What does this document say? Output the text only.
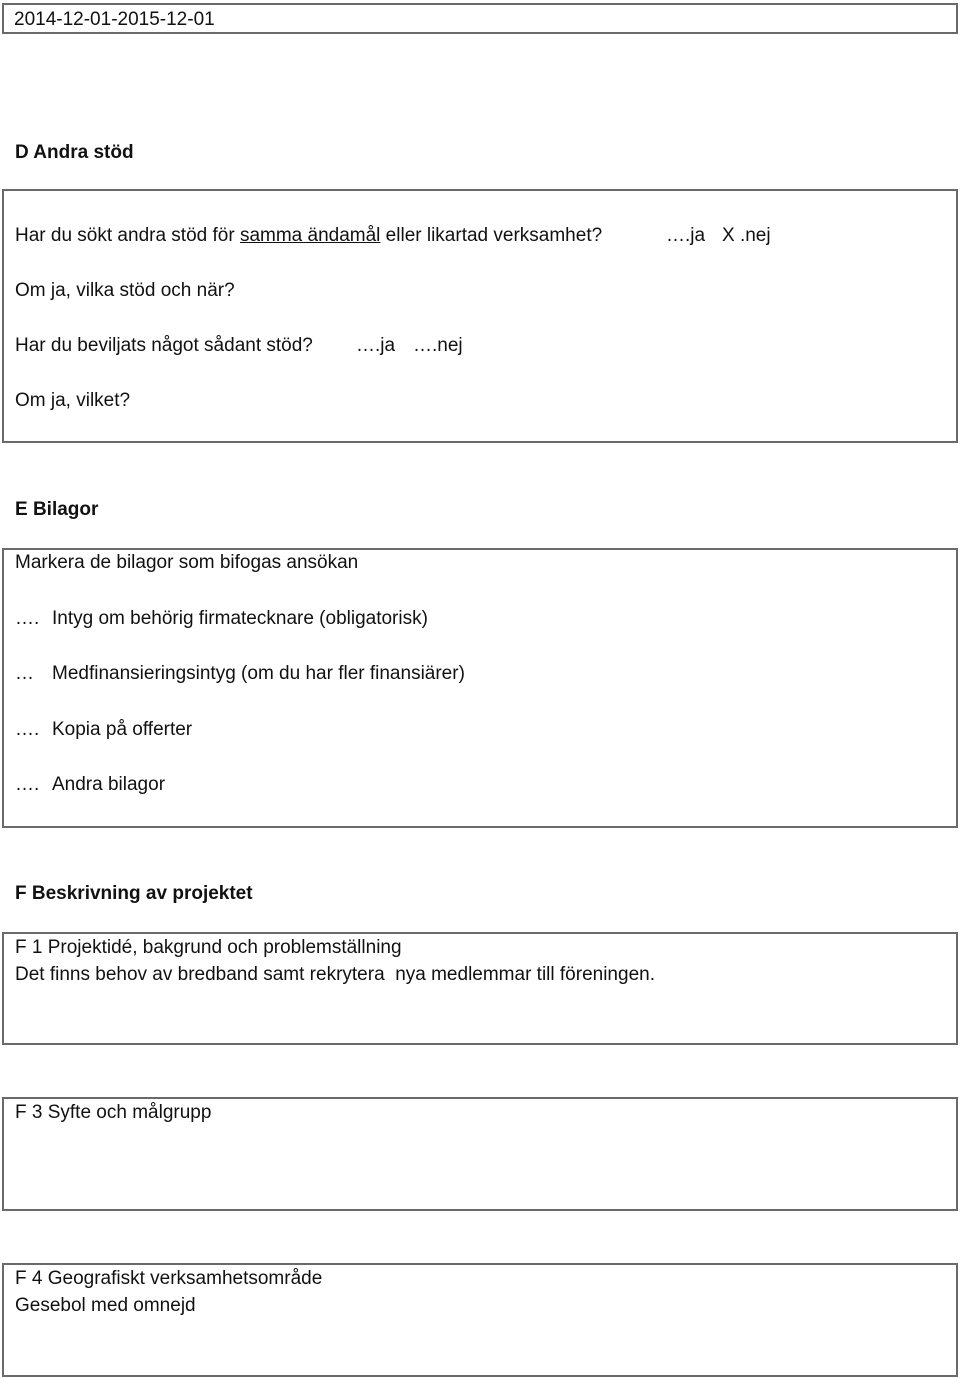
2014-12-01-2015-12-01
D Andra stöd
Har du sökt andra stöd för samma ändamål eller likartad verksamhet?	….ja X .nej
Om ja, vilka stöd och när?
Har du beviljats något sådant stöd? ….ja ….nej
Om ja, vilket?
E Bilagor
Markera de bilagor som bifogas ansökan
…. Intyg om behörig firmatecknare (obligatorisk)
… Medfinansieringsintyg (om du har fler finansiärer)
…. Kopia på offerter
…. Andra bilagor
F Beskrivning av projektet
F 1 Projektidé, bakgrund och problemställning
Det finns behov av bredband samt rekrytera  nya medlemmar till föreningen.
F 3 Syfte och målgrupp
F 4 Geografiskt verksamhetsområde
Gesebol med omnejd
